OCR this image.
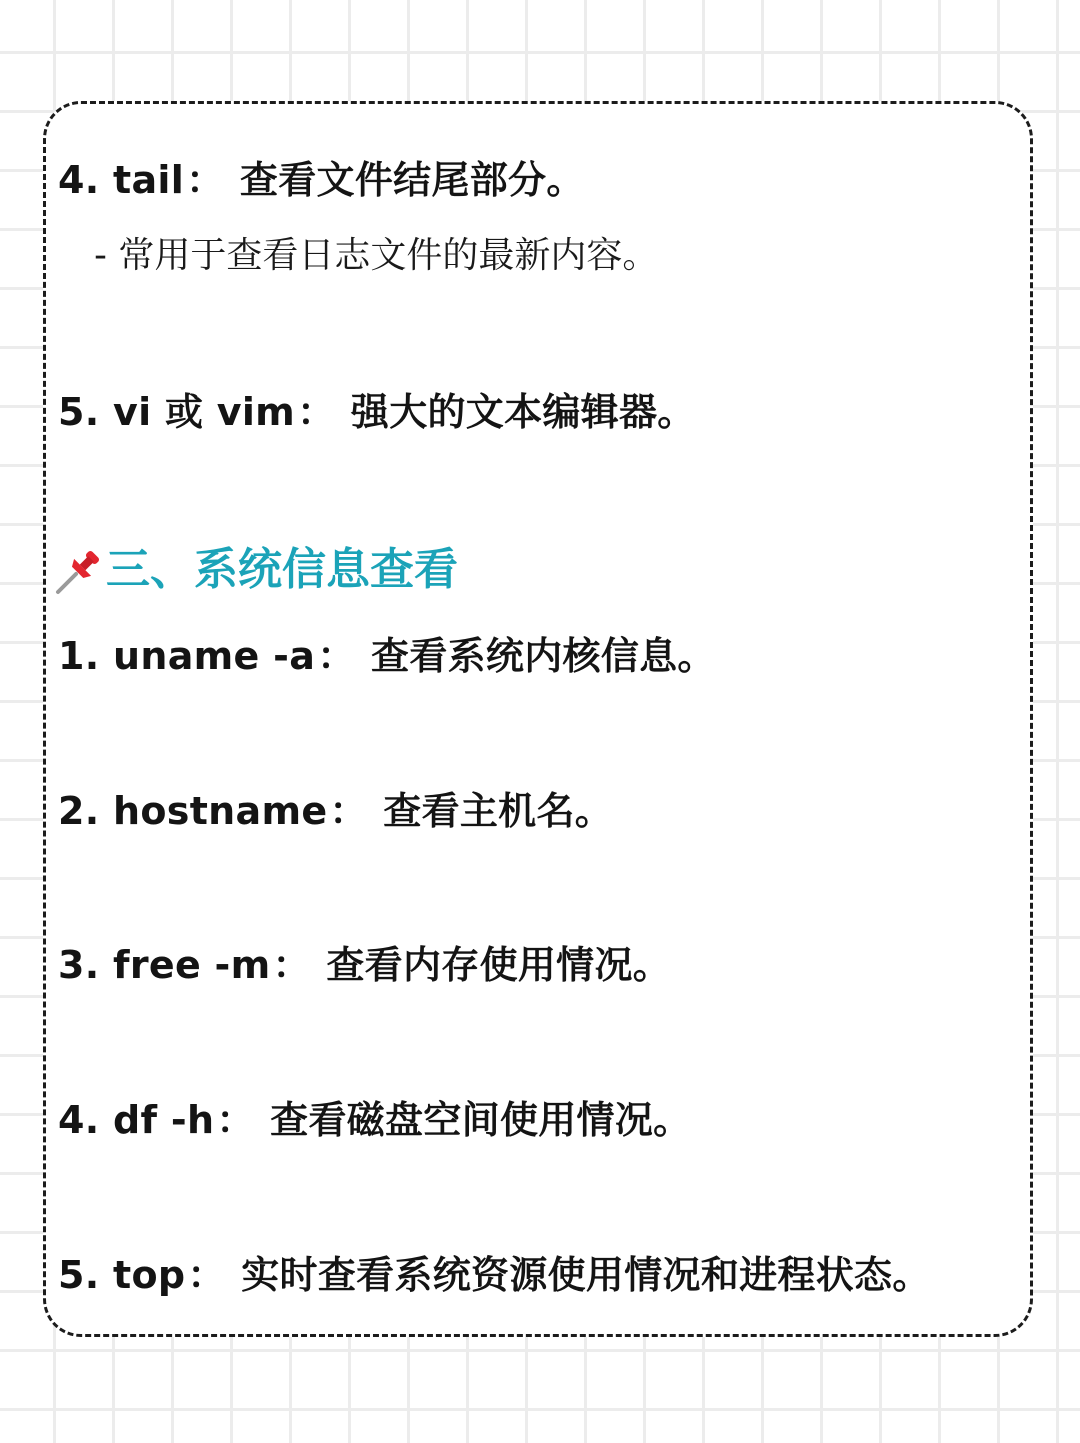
4. tail： 查看文件结尾部分。
- 常用于查看日志文件的最新内容。
5. vi 或 vim： 强大的文本编辑器。
三、系统信息查看
1. uname -a： 查看系统内核信息。
2. hostname： 查看主机名。
3. free -m： 查看内存使用情况。
4. df -h： 查看磁盘空间使用情况。
5. top： 实时查看系统资源使用情况和进程状态。
